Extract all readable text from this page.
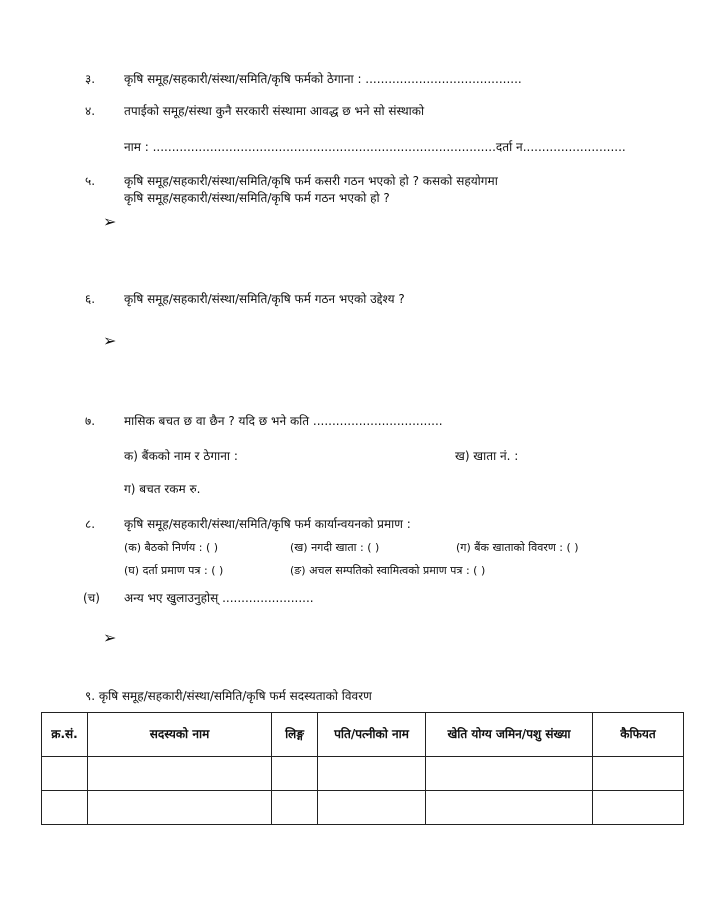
३. कृषि समूह/सहकारी/संस्था/समिति/कृषि फर्मको ठेगाना : .........................................
४. तपाईको समूह/संस्था कुनै सरकारी संस्थामा आवद्ध छ भने सो संस्थाको
नाम : ..........................................................................................दर्ता न...........................
५. कृषि समूह/सहकारी/संस्था/समिति/कृषि फर्म कसरी गठन भएको हो ? कसको सहयोगमा
कृषि समूह/सहकारी/संस्था/समिति/कृषि फर्म गठन भएको हो ?
➢
६. कृषि समूह/सहकारी/संस्था/समिति/कृषि फर्म गठन भएको उद्देश्य ?
➢
७. मासिक बचत छ वा छैन ? यदि छ भने कति ..................................
क) बैंकको नाम र ठेगाना :	ख) खाता नं. :
ग) बचत रकम रु.
८. कृषि समूह/सहकारी/संस्था/समिति/कृषि फर्म कार्यान्वयनको प्रमाण :
(क) बैठको निर्णय : ( )	(ख) नगदी खाता : ( )	(ग) बैंक खाताको विवरण : ( )
(घ) दर्ता प्रमाण पत्र : ( )	(ङ) अचल सम्पतिको स्वामित्वको प्रमाण पत्र : ( )
(च) अन्य भए खुलाउनुहोस् ........................
➢
९. कृषि समूह/सहकारी/संस्था/समिति/कृषि फर्म सदस्यताको विवरण
क्र.सं.	सदस्यको नाम	लिङ्ग	पति/पत्नीको नाम	खेति योग्य जमिन/पशु संख्या	कैफियत
